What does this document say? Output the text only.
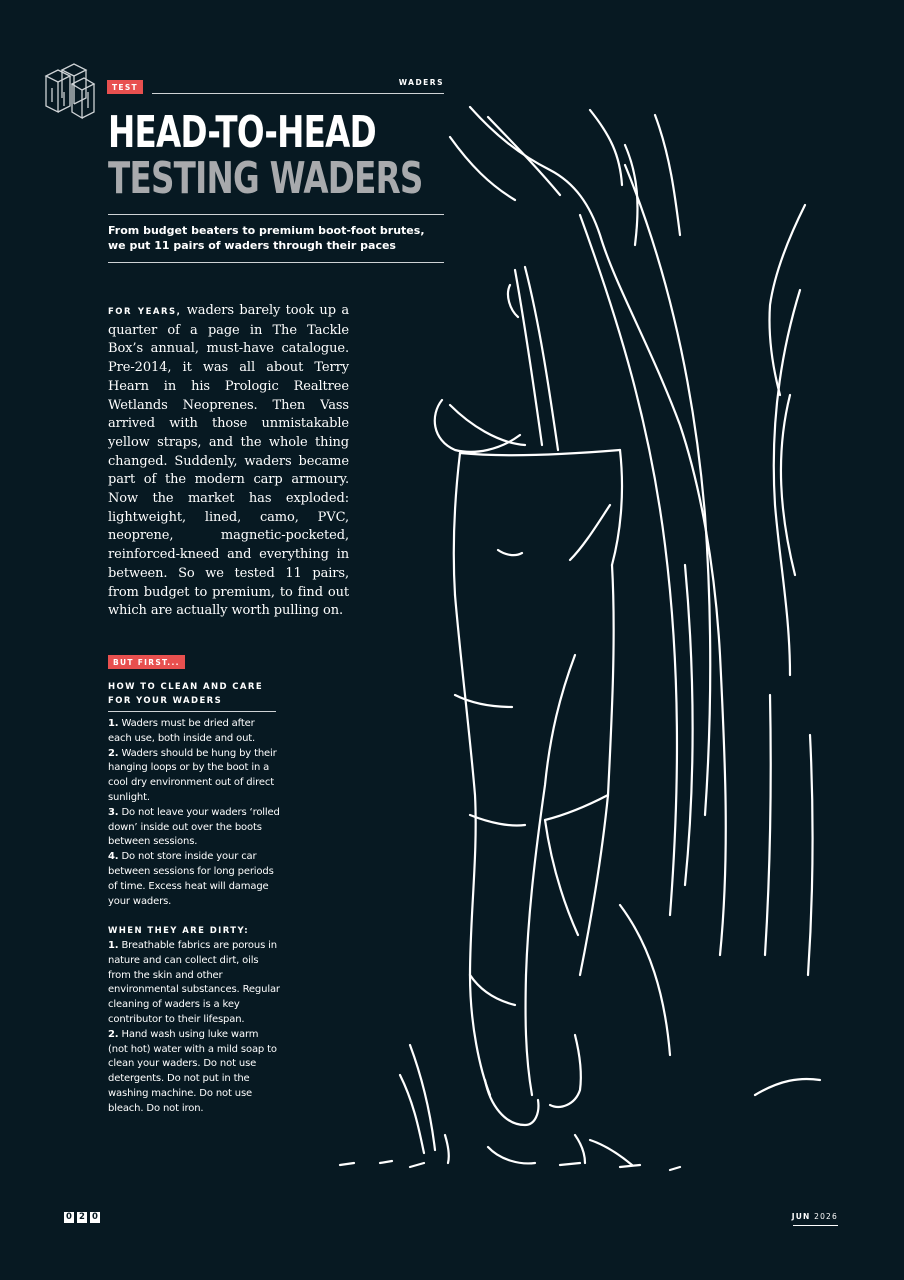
TEST
WADERS
HEAD-TO-HEAD
TESTING WADERS
From budget beaters to premium boot-foot brutes, we put 11 pairs of waders through their paces
FOR YEARS, waders barely took up a quarter of a page in The Tackle Box’s annual, must-have catalogue. Pre-2014, it was all about Terry Hearn in his Prologic Realtree Wetlands Neoprenes. Then Vass arrived with those unmistakable yellow straps, and the whole thing changed. Suddenly, waders became part of the modern carp armoury. Now the market has exploded: lightweight, lined, camo, PVC, neoprene, magnetic-pocketed, reinforced-kneed and everything in between. So we tested 11 pairs, from budget to premium, to find out which are actually worth pulling on.
BUT FIRST...
HOW TO CLEAN AND CARE FOR YOUR WADERS

1. Waders must be dried after each use, both inside and out.

2. Waders should be hung by their hanging loops or by the boot in a cool dry environment out of direct sunlight.

3. Do not leave your waders ‘rolled down’ inside out over the boots between sessions.

4. Do not store inside your car between sessions for long periods of time. Excess heat will damage your waders.

WHEN THEY ARE DIRTY:

1. Breathable fabrics are porous in nature and can collect dirt, oils from the skin and other environmental substances. Regular cleaning of waders is a key contributor to their lifespan.

2. Hand wash using luke warm (not hot) water with a mild soap to clean your waders. Do not use detergents. Do not put in the washing machine. Do not use bleach. Do not iron.

0 2 0	JUN 2026
